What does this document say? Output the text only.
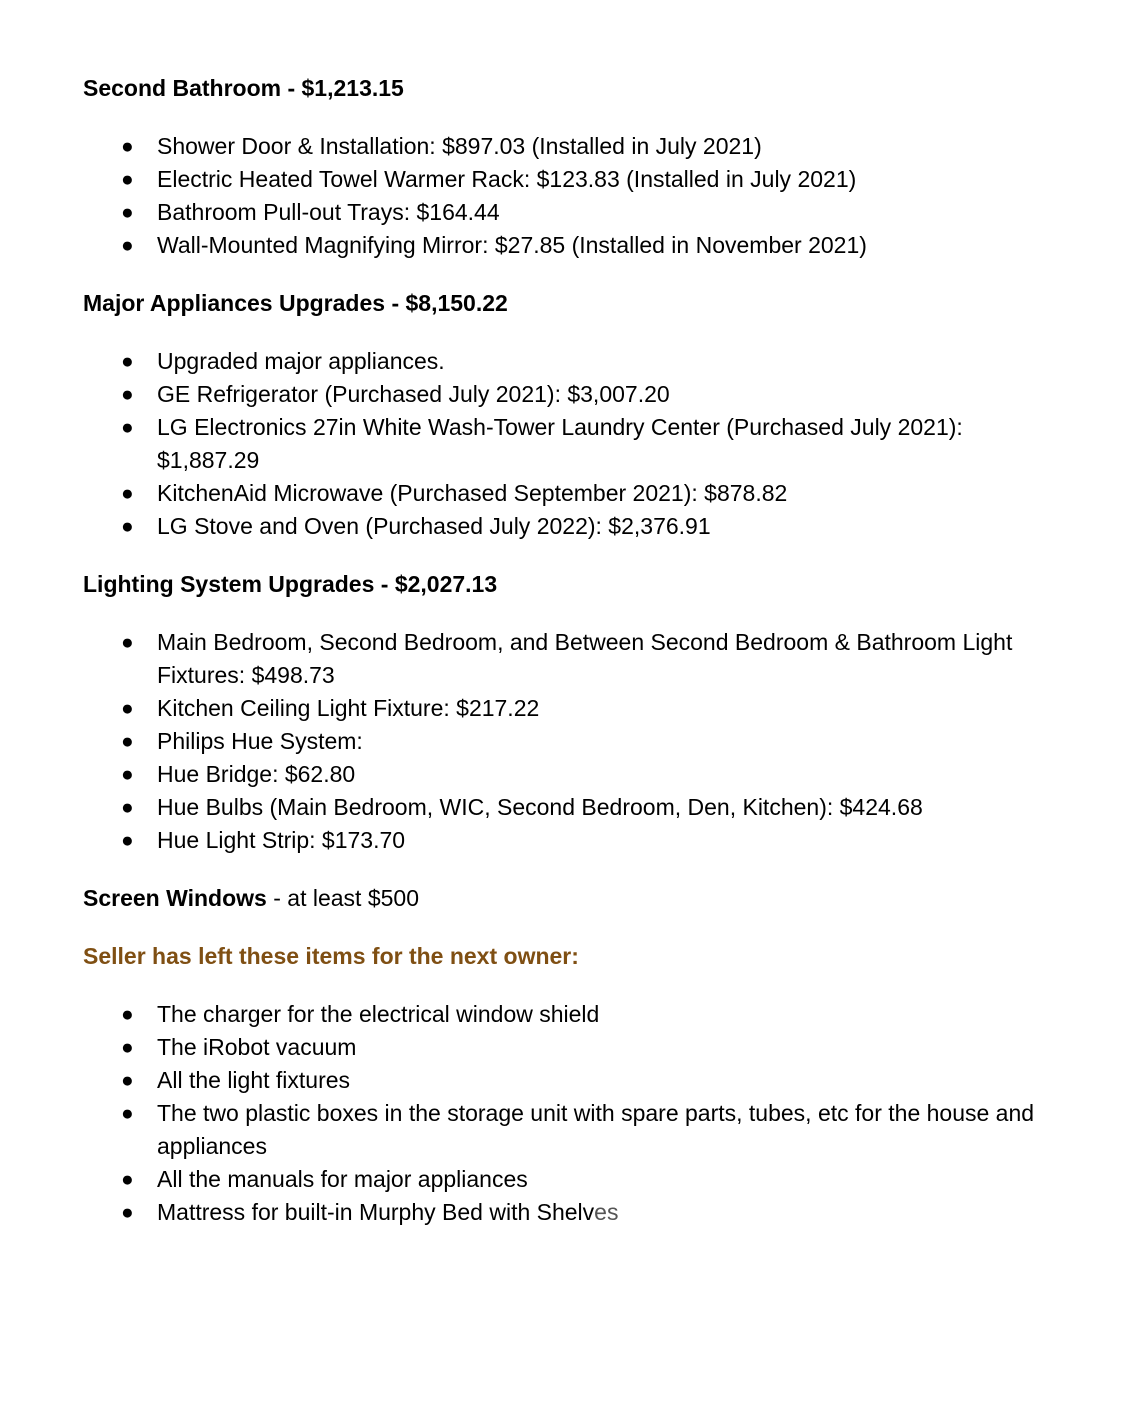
Second Bathroom - $1,213.15

● Shower Door & Installation: $897.03 (Installed in July 2021)
● Electric Heated Towel Warmer Rack: $123.83 (Installed in July 2021)
● Bathroom Pull-out Trays: $164.44
● Wall-Mounted Magnifying Mirror: $27.85 (Installed in November 2021)

Major Appliances Upgrades - $8,150.22

● Upgraded major appliances.
● GE Refrigerator (Purchased July 2021): $3,007.20
● LG Electronics 27in White Wash-Tower Laundry Center (Purchased July 2021): $1,887.29
● KitchenAid Microwave (Purchased September 2021): $878.82
● LG Stove and Oven (Purchased July 2022): $2,376.91

Lighting System Upgrades - $2,027.13

● Main Bedroom, Second Bedroom, and Between Second Bedroom & Bathroom Light Fixtures: $498.73
● Kitchen Ceiling Light Fixture: $217.22
● Philips Hue System:
● Hue Bridge: $62.80
● Hue Bulbs (Main Bedroom, WIC, Second Bedroom, Den, Kitchen): $424.68
● Hue Light Strip: $173.70

Screen Windows - at least $500

Seller has left these items for the next owner:

● The charger for the electrical window shield
● The iRobot vacuum
● All the light fixtures
● The two plastic boxes in the storage unit with spare parts, tubes, etc for the house and appliances
● All the manuals for major appliances
● Mattress for built-in Murphy Bed with Shelves
